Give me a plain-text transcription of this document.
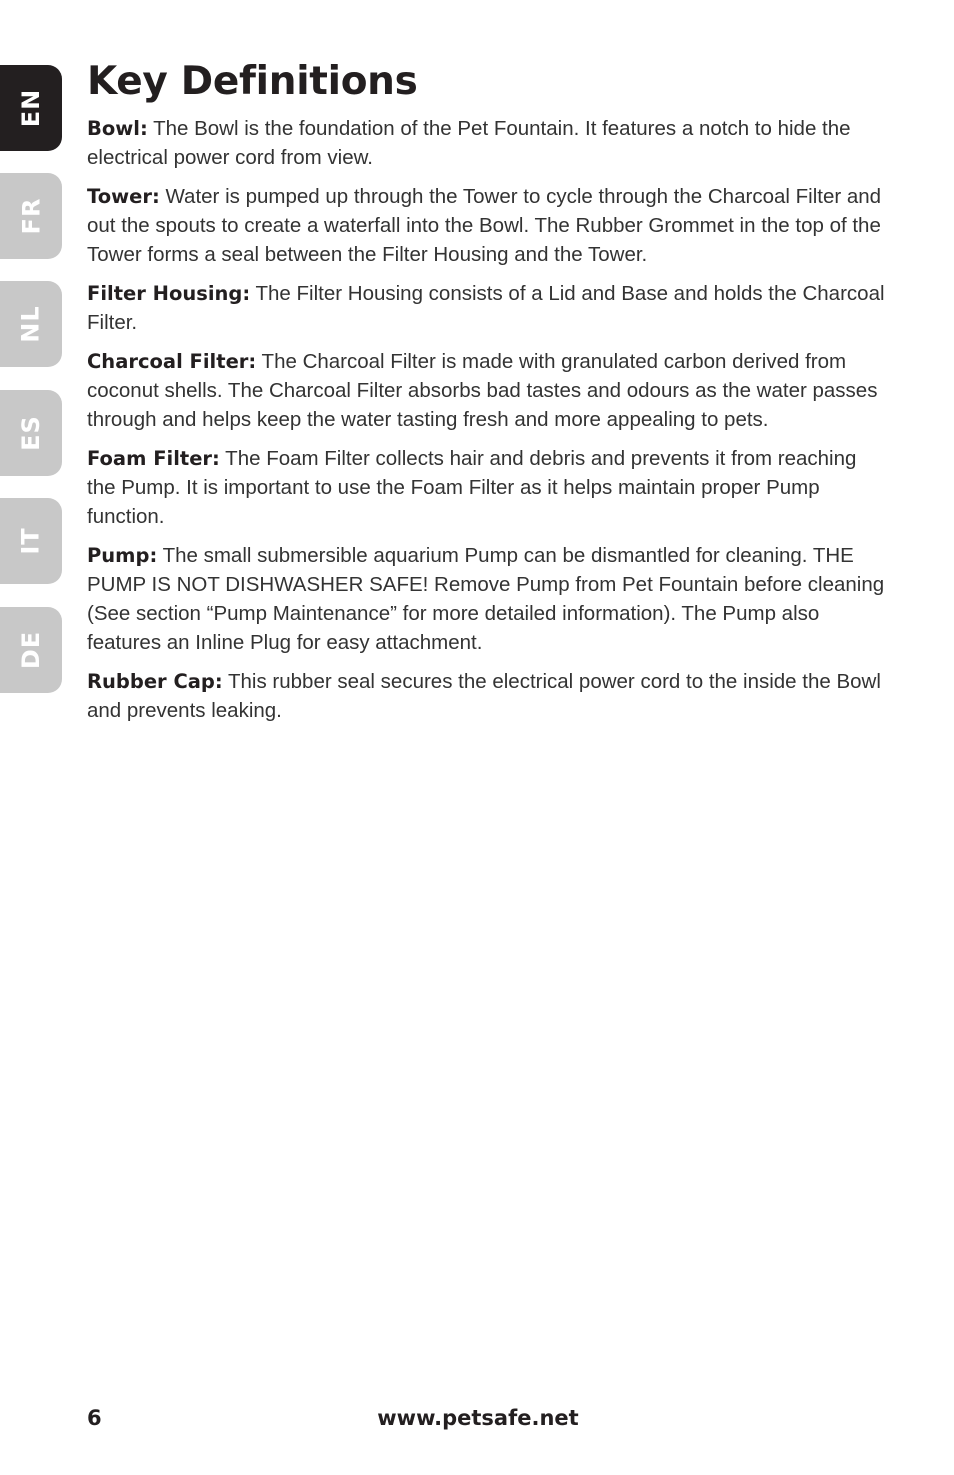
EN
FR
NL
ES
IT
DE
Key Definitions

Bowl: The Bowl is the foundation of the Pet Fountain. It features a notch to hide the electrical power cord from view.

Tower: Water is pumped up through the Tower to cycle through the Charcoal Filter and out the spouts to create a waterfall into the Bowl. The Rubber Grommet in the top of the Tower forms a seal between the Filter Housing and the Tower.

Filter Housing: The Filter Housing consists of a Lid and Base and holds the Charcoal Filter.

Charcoal Filter: The Charcoal Filter is made with granulated carbon derived from coconut shells. The Charcoal Filter absorbs bad tastes and odours as the water passes through and helps keep the water tasting fresh and more appealing to pets.

Foam Filter: The Foam Filter collects hair and debris and prevents it from reaching the Pump. It is important to use the Foam Filter as it helps maintain proper Pump function.

Pump: The small submersible aquarium Pump can be dismantled for cleaning. THE PUMP IS NOT DISHWASHER SAFE! Remove Pump from Pet Fountain before cleaning (See section “Pump Maintenance” for more detailed information). The Pump also features an Inline Plug for easy attachment.

Rubber Cap: This rubber seal secures the electrical power cord to the inside the Bowl and prevents leaking.

6	www.petsafe.net
